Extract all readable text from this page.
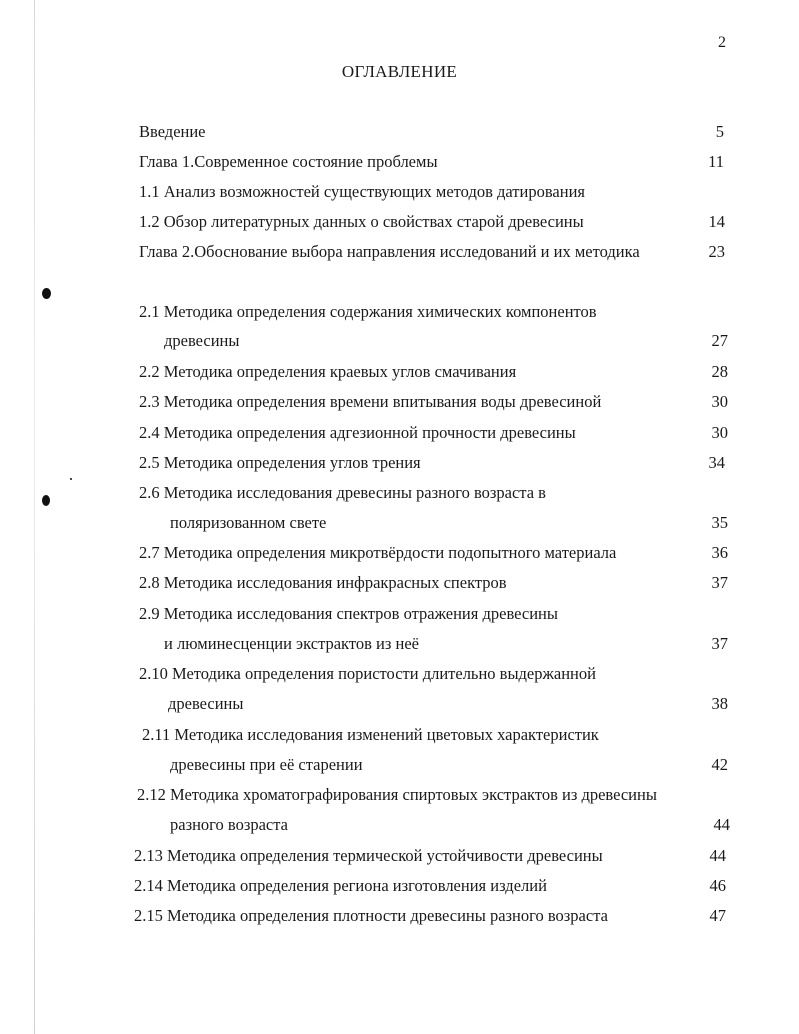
2
ОГЛАВЛЕНИЕ
Введение	5
Глава 1.Современное состояние проблемы	11
1.1 Анализ возможностей существующих методов датирования
1.2 Обзор литературных данных о свойствах старой древесины	14
Глава 2.Обоснование выбора направления исследований и их методика	23
2.1 Методика определения содержания химических компонентов
древесины	27
2.2 Методика определения краевых углов смачивания	28
2.3 Методика определения времени впитывания воды древесиной	30
2.4 Методика определения адгезионной прочности древесины	30
2.5 Методика определения углов трения	34
2.6 Методика исследования древесины разного возраста в
поляризованном свете	35
2.7 Методика определения микротвёрдости подопытного материала	36
2.8 Методика исследования инфракрасных спектров	37
2.9 Методика исследования спектров отражения древесины
и люминесценции экстрактов из неё	37
2.10 Методика определения пористости длительно выдержанной
древесины	38
2.11 Методика исследования изменений цветовых характеристик
древесины при её старении	42
2.12 Методика хроматографирования спиртовых экстрактов из древесины
разного возраста	44
2.13 Методика определения термической устойчивости древесины	44
2.14 Методика определения региона изготовления изделий	46
2.15 Методика определения плотности древесины разного возраста	47
